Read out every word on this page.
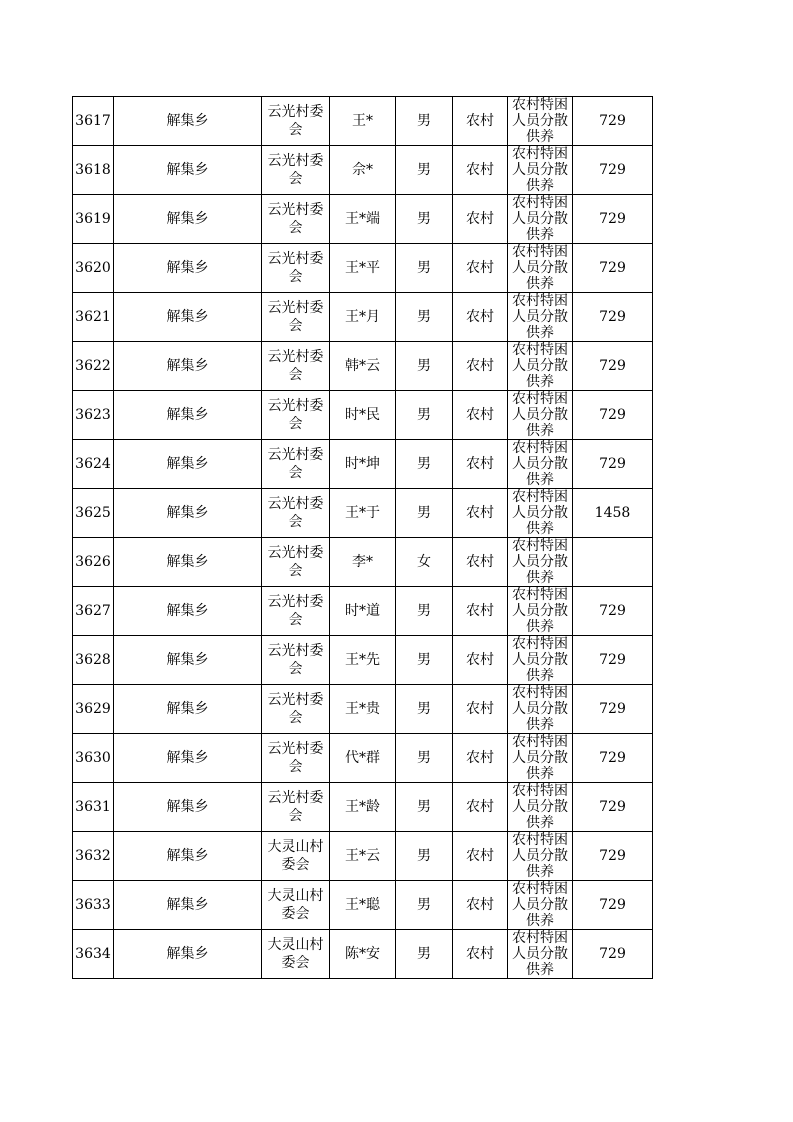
3617	解集乡	云光村委会	王*	男	农村	农村特困人员分散供养	729
3618	解集乡	云光村委会	佘*	男	农村	农村特困人员分散供养	729
3619	解集乡	云光村委会	王*端	男	农村	农村特困人员分散供养	729
3620	解集乡	云光村委会	王*平	男	农村	农村特困人员分散供养	729
3621	解集乡	云光村委会	王*月	男	农村	农村特困人员分散供养	729
3622	解集乡	云光村委会	韩*云	男	农村	农村特困人员分散供养	729
3623	解集乡	云光村委会	时*民	男	农村	农村特困人员分散供养	729
3624	解集乡	云光村委会	时*坤	男	农村	农村特困人员分散供养	729
3625	解集乡	云光村委会	王*于	男	农村	农村特困人员分散供养	1458
3626	解集乡	云光村委会	李*	女	农村	农村特困人员分散供养	

3627	解集乡	云光村委会	时*道	男	农村	农村特困人员分散供养	729
3628	解集乡	云光村委会	王*先	男	农村	农村特困人员分散供养	729
3629	解集乡	云光村委会	王*贵	男	农村	农村特困人员分散供养	729
3630	解集乡	云光村委会	代*群	男	农村	农村特困人员分散供养	729
3631	解集乡	云光村委会	王*龄	男	农村	农村特困人员分散供养	729
3632	解集乡	大灵山村委会	王*云	男	农村	农村特困人员分散供养	729
3633	解集乡	大灵山村委会	王*聪	男	农村	农村特困人员分散供养	729
3634	解集乡	大灵山村委会	陈*安	男	农村	农村特困人员分散供养	729
